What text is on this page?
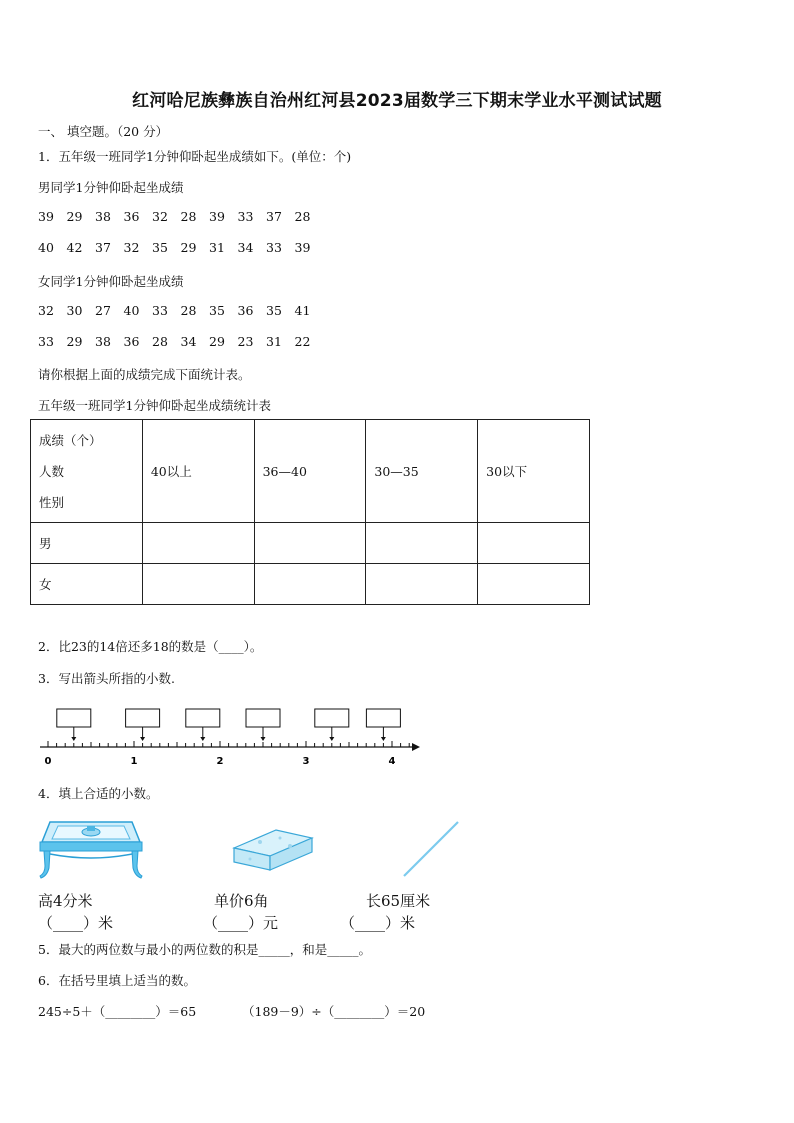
红河哈尼族彝族自治州红河县2023届数学三下期末学业水平测试试题
一、 填空题。（20 分）
1．五年级一班同学1分钟仰卧起坐成绩如下。(单位：个)
男同学1分钟仰卧起坐成绩
39 29 38 36 32 28 39 33 37 28
40 42 37 32 35 29 31 34 33 39
女同学1分钟仰卧起坐成绩
32 30 27 40 33 28 35 36 35 41
33 29 38 36 28 34 29 23 31 22
请你根据上面的成绩完成下面统计表。
五年级一班同学1分钟仰卧起坐成绩统计表
成绩（个）
人数
性别	40以上	36—40	30—35	30以下
男				
女				
2．比23的14倍还多18的数是（____）。
3．写出箭头所指的小数.
0	1	2	3	4
4．填上合适的小数。
高4分米
（____）米
单价6角
（____）元
长65厘米
（____）米
5．最大的两位数与最小的两位数的积是_____，和是_____。
6．在括号里填上适当的数。
245÷5＋（________）＝65	（189－9）÷（________）＝20
